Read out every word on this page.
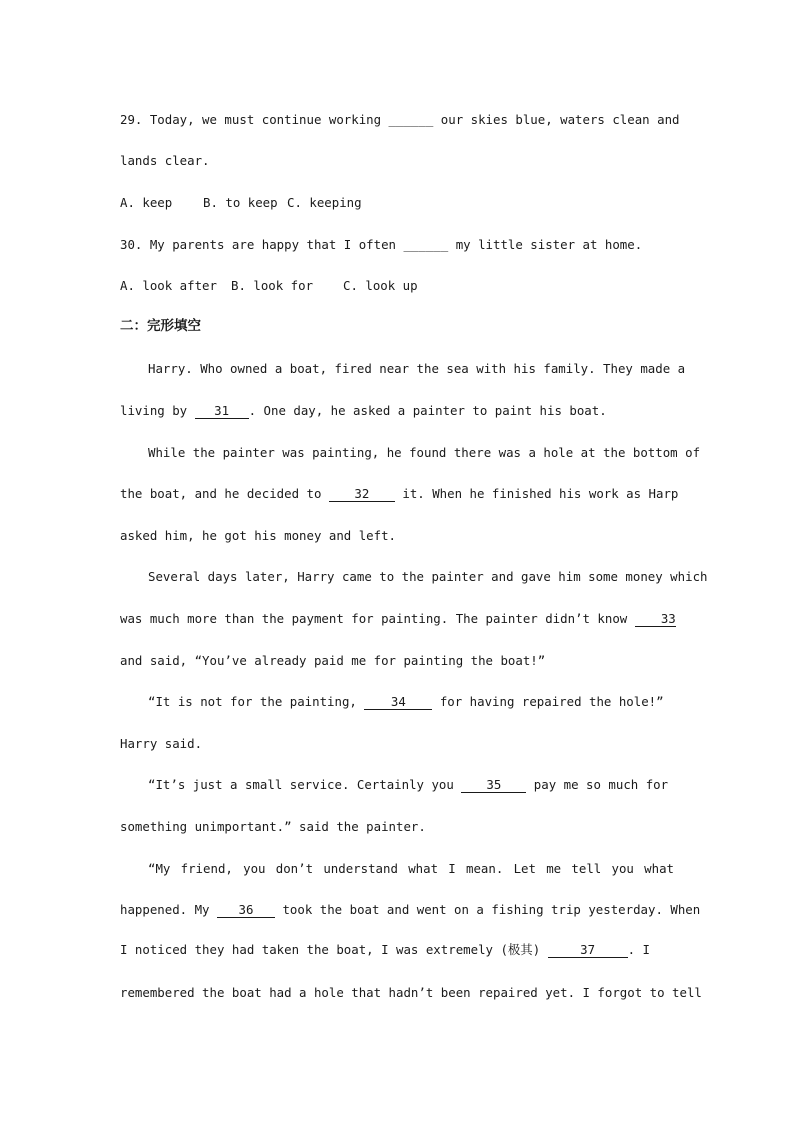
29. Today, we must continue working ______ our skies blue, waters clean and
lands clear.
A. keep B. to keep C. keeping
30. My parents are happy that I often ______ my little sister at home.
A. look after B. look for C. look up
二：完形填空
Harry. Who owned a boat, fired near the sea with his family. They made a
living by 31 . One day, he asked a painter to paint his boat.
While the painter was painting, he found there was a hole at the bottom of
the boat, and he decided to	32	it. When he finished his work as Harp
asked him, he got his money and left.
Several days later, Harry came to the painter and gave him some money which
was much more than the payment for painting. The painter didn’t know	33
and said, “You’ve already paid me for painting the boat!”
“It is not for the painting,	34	for having repaired the hole!”
Harry said.
“It’s just a small service. Certainly you	35	pay me so much for
something unimportant.” said the painter.
“My friend, you don’t understand what I mean. Let me tell you what
happened. My 36 took the boat and went on a fishing trip yesterday. When
I noticed they had taken the boat, I was extremely (极其)	37	. I
remembered the boat had a hole that hadn’t been repaired yet. I forgot to tell
